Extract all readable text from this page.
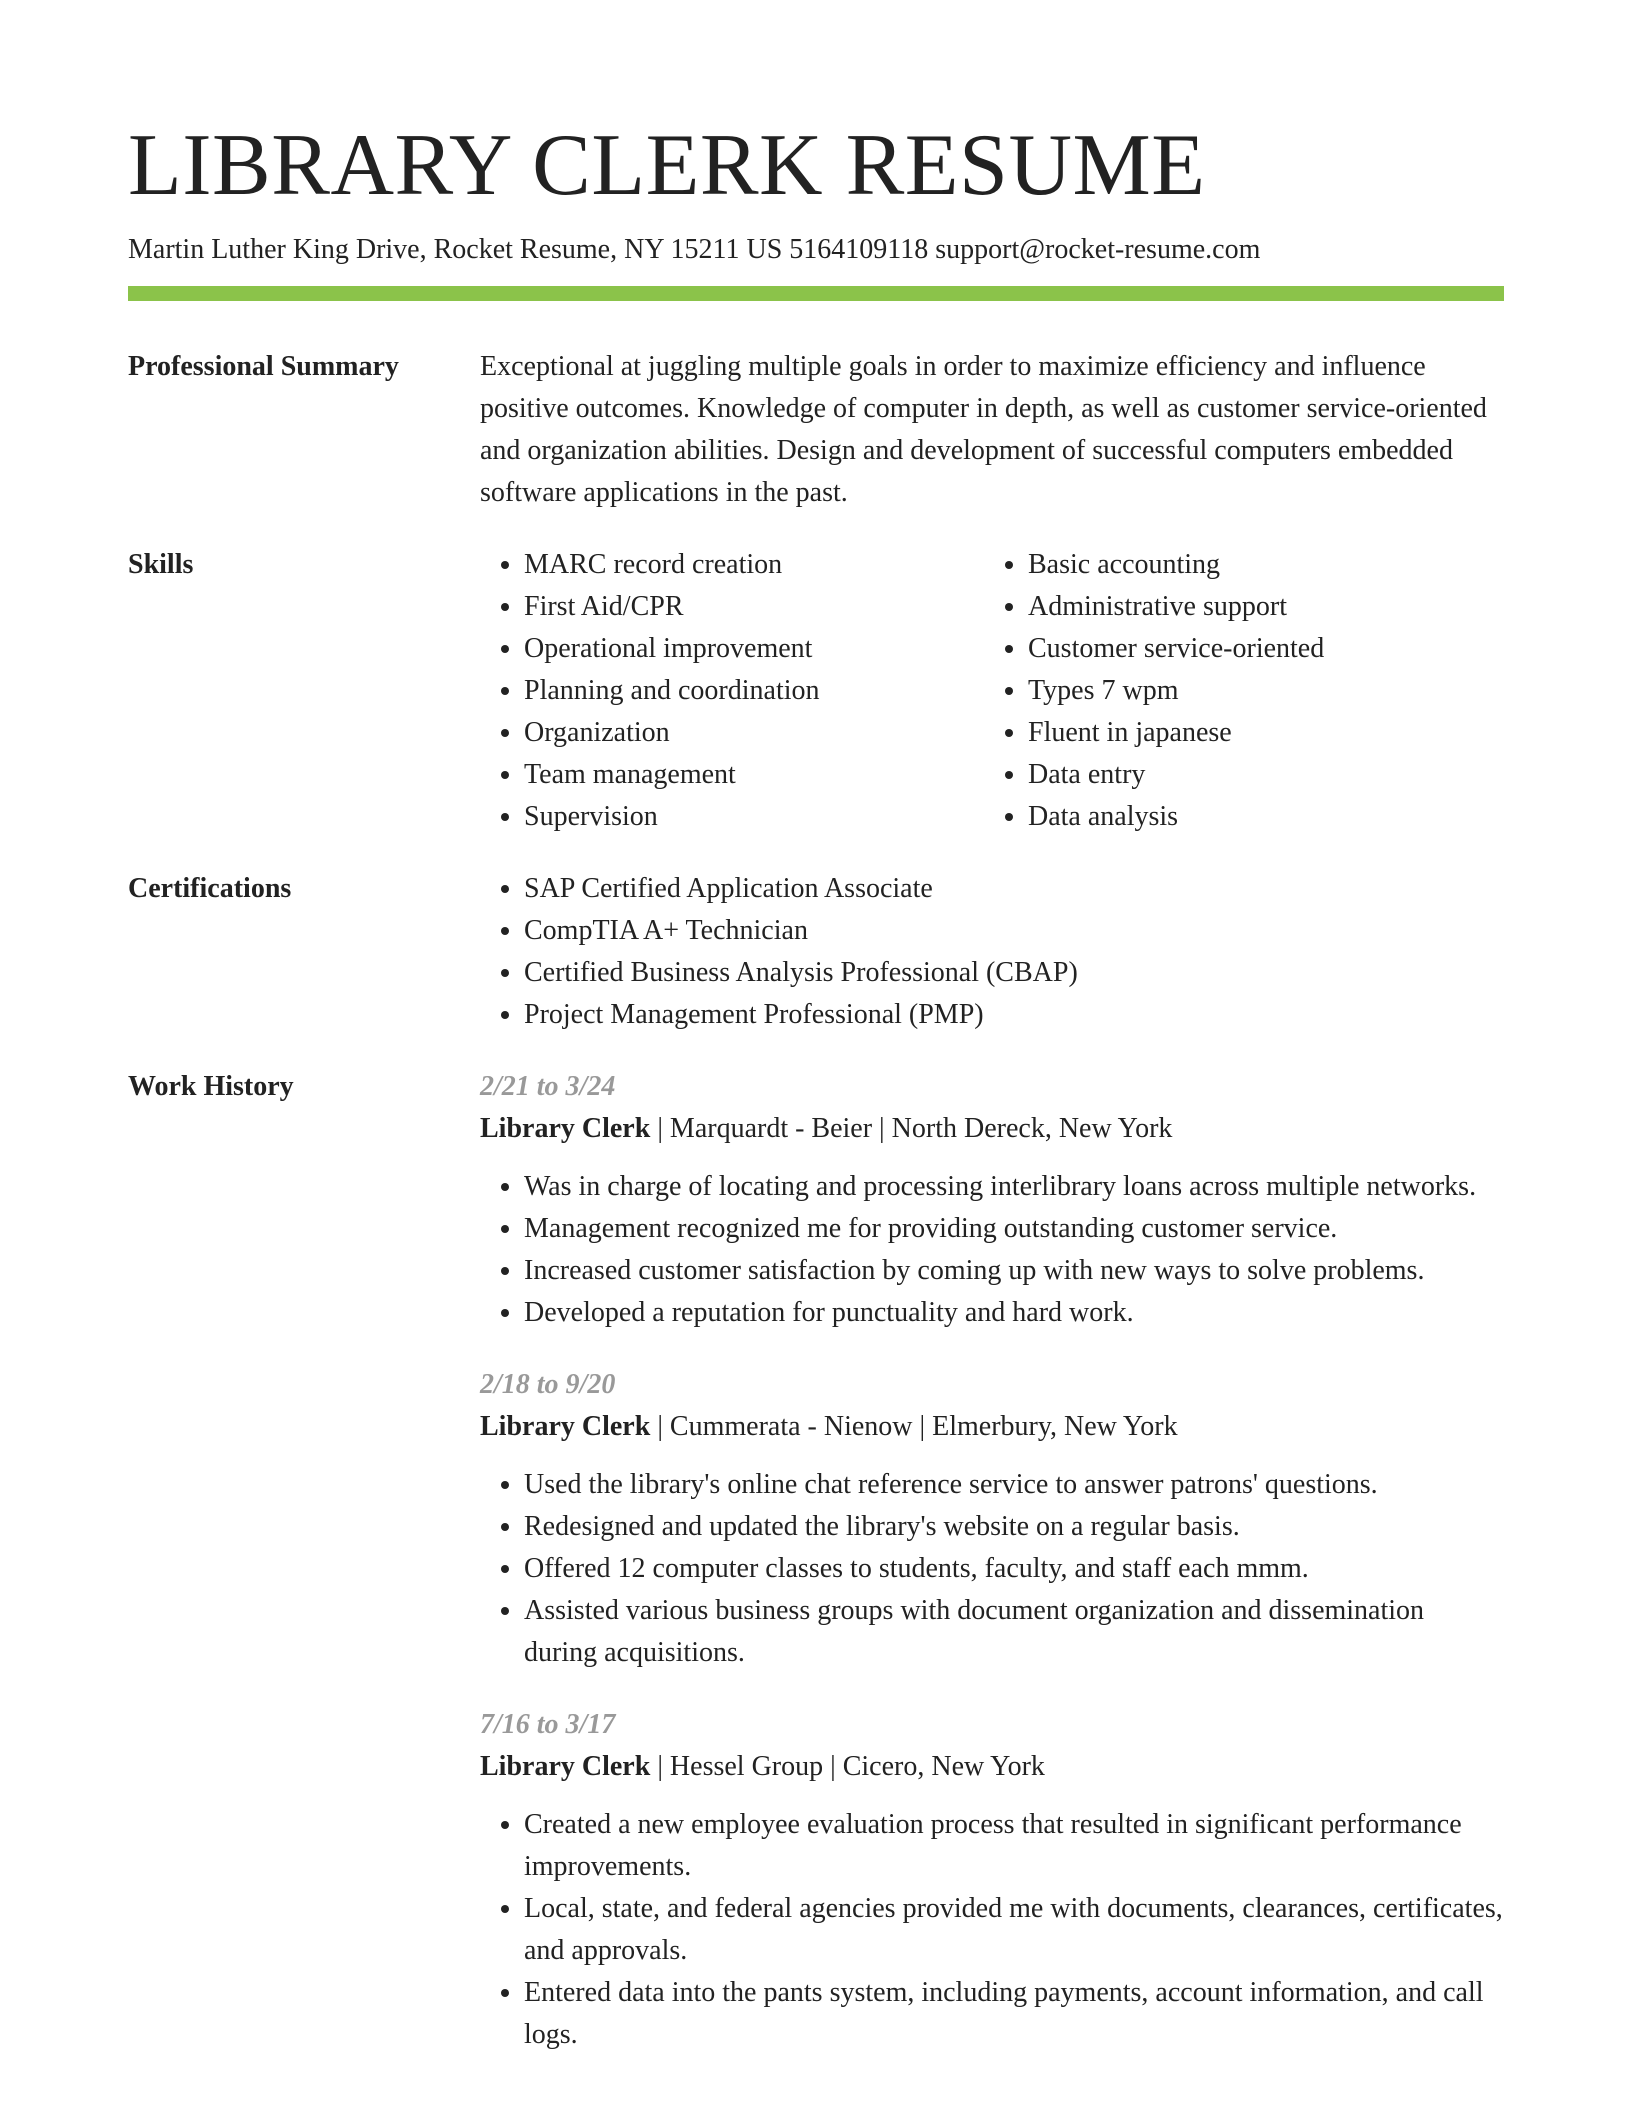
LIBRARY CLERK RESUME
Martin Luther King Drive, Rocket Resume, NY 15211 US 5164109118 support@rocket-resume.com
Professional Summary	Exceptional at juggling multiple goals in order to maximize efficiency and influence positive outcomes. Knowledge of computer in depth, as well as customer service-oriented and organization abilities. Design and development of successful computers embedded software applications in the past.

Skills	• MARC record creation
• First Aid/CPR
• Operational improvement
• Planning and coordination
• Organization
• Team management
• Supervision
• Basic accounting
• Administrative support
• Customer service-oriented
• Types 7 wpm
• Fluent in japanese
• Data entry
• Data analysis
Certifications	• SAP Certified Application Associate
• CompTIA A+ Technician
• Certified Business Analysis Professional (CBAP)
• Project Management Professional (PMP)
Work History	2/21 to 3/24
Library Clerk | Marquardt - Beier | North Dereck, New York
• Was in charge of locating and processing interlibrary loans across multiple networks.
• Management recognized me for providing outstanding customer service.
• Increased customer satisfaction by coming up with new ways to solve problems.
• Developed a reputation for punctuality and hard work.
2/18 to 9/20
Library Clerk | Cummerata - Nienow | Elmerbury, New York
• Used the library's online chat reference service to answer patrons' questions.
• Redesigned and updated the library's website on a regular basis.
• Offered 12 computer classes to students, faculty, and staff each mmm.
• Assisted various business groups with document organization and dissemination during acquisitions.
7/16 to 3/17
Library Clerk | Hessel Group | Cicero, New York
• Created a new employee evaluation process that resulted in significant performance improvements.
• Local, state, and federal agencies provided me with documents, clearances, certificates, and approvals.
• Entered data into the pants system, including payments, account information, and call logs.
